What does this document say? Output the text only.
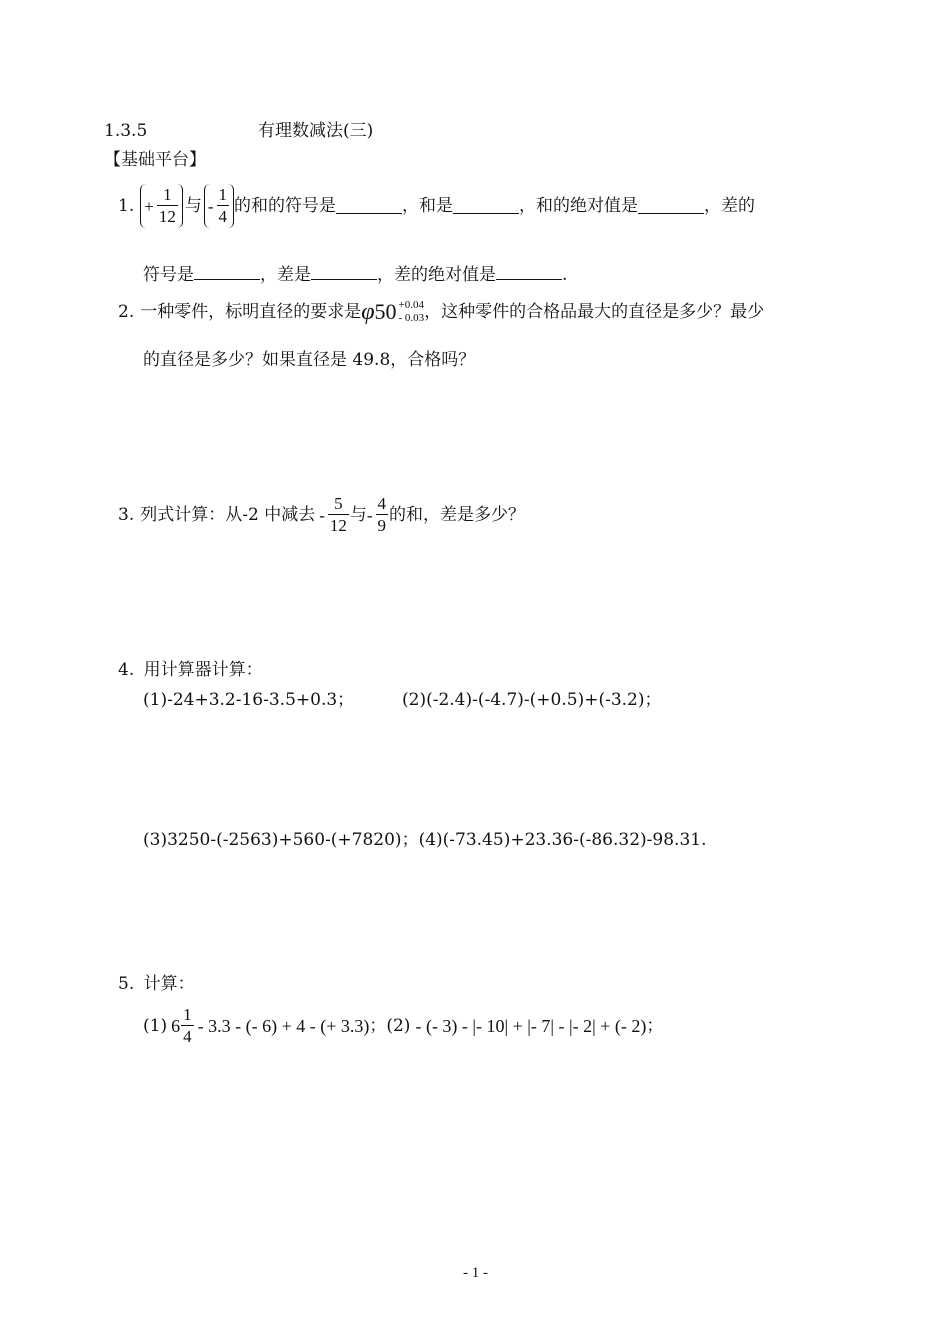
1.3.5	有理数减法(三)
【基础平台】
1. + $\frac{1}{12}$ 与 - $\frac{1}{4}$ 的和的符号是	，和是	，和的绝对值是	，差的
符号是	，差是	，差的绝对值是	.
2. 一种零件，标明直径的要求是 φ 50 +0.04
- 0.03 ，这种零件的合格品最大的直径是多少？最少
的直径是多少？如果直径是 49.8，合格吗？
3. 列式计算：从-2 中减去 - $\frac{5}{12}$ 与 - $\frac{4}{9}$ 的和，差是多少？
4. 用计算器计算：
(1)-24+3.2-16-3.5+0.3；	(2)(-2.4)-(-4.7)-(+0.5)+(-3.2)；
(3)3250-(-2563)+560-(+7820)；(4)(-73.45)+23.36-(-86.32)-98.31.
5. 计算：
(1) $6 \frac{1}{4} - 3.3$ - (- 6) + 4 - (+ 3.3) ； (2) - (- 3) - |- 10| + |- 7| - |- 2| + (- 2) ；
- 1 -
